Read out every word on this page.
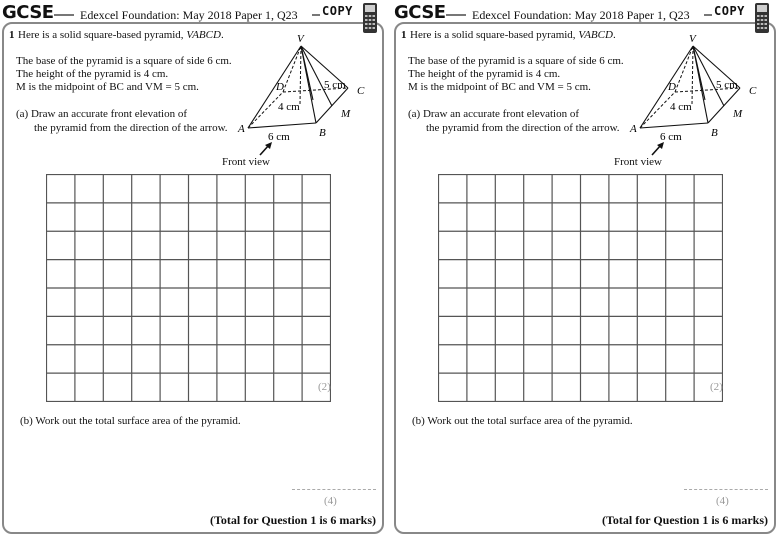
GCSE Edexcel Foundation: May 2018 Paper 1, Q23 COPY
1 Here is a solid square-based pyramid, VABCD.
The base of the pyramid is a square of side 6 cm.
The height of the pyramid is 4 cm.
M is the midpoint of BC and VM = 5 cm.
(a) Draw an accurate front elevation of
the pyramid from the direction of the arrow.
V
A	B
C
D
M
6 cm
4 cm
5 cm
Front view
(2)
(b) Work out the total surface area of the pyramid.
(4)
(Total for Question 1 is 6 marks)
GCSE Edexcel Foundation: May 2018 Paper 1, Q23 COPY
1 Here is a solid square-based pyramid, VABCD.
The base of the pyramid is a square of side 6 cm.
The height of the pyramid is 4 cm.
M is the midpoint of BC and VM = 5 cm.
(a) Draw an accurate front elevation of
the pyramid from the direction of the arrow.
V
A	B
C
D
M
6 cm
4 cm
5 cm
Front view
(2)
(b) Work out the total surface area of the pyramid.
(4)
(Total for Question 1 is 6 marks)
